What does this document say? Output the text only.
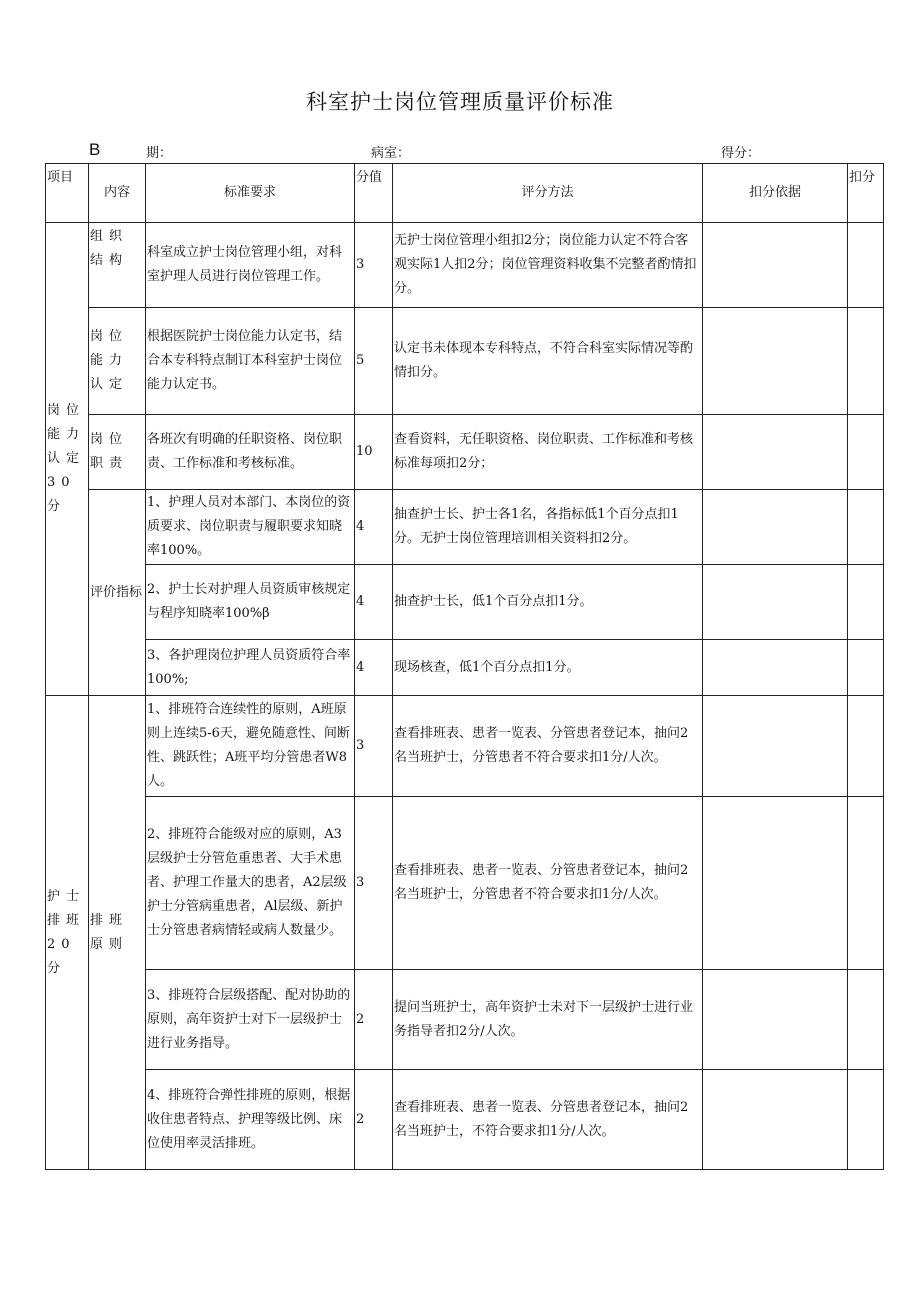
科室护士岗位管理质量评价标准
B	期：	病室：	得分：
项目	内容	标准要求	分值	评分方法	扣分依据	扣分
岗位能力认定30分	组织结构	科室成立护士岗位管理小组，对科室护理人员进行岗位管理工作。	3	无护士岗位管理小组扣2分；岗位能力认定不符合客观实际1人扣2分；岗位管理资料收集不完整者酌情扣分。		
	岗位能力认定	根据医院护士岗位能力认定书，结合本专科特点制订本科室护士岗位能力认定书。	5	认定书未体现本专科特点，不符合科室实际情况等酌情扣分。		
	岗位职责	各班次有明确的任职资格、岗位职责、工作标准和考核标准。	10	查看资料，无任职资格、岗位职责、工作标准和考核标准每项扣2分；		
	评价指标	1、护理人员对本部门、本岗位的资质要求、岗位职责与履职要求知晓率100%。	4	抽查护士长、护士各1名，各指标低1个百分点扣1分。无护士岗位管理培训相关资料扣2分。		
		2、护士长对护理人员资质审核规定与程序知晓率100%β	4	抽查护士长，低1个百分点扣1分。		
		3、各护理岗位护理人员资质符合率100%;	4	现场核查，低1个百分点扣1分。		
护士排班20分	排班原则	1、排班符合连续性的原则，A班原则上连续5-6天，避免随意性、间断性、跳跃性；A班平均分管患者W8人。	3	查看排班表、患者一览表、分管患者登记本，抽问2名当班护士，分管患者不符合要求扣1分/人次。		
		2、排班符合能级对应的原则，A3层级护士分管危重患者、大手术患者、护理工作量大的患者，A2层级护士分管病重患者，Al层级、新护士分管患者病情轻或病人数量少。	3	查看排班表、患者一览表、分管患者登记本，抽问2名当班护士，分管患者不符合要求扣1分/人次。		
		3、排班符合层级搭配、配对协助的原则，高年资护士对下一层级护士进行业务指导。	2	提问当班护士，高年资护士未对下一层级护士进行业务指导者扣2分/人次。		
		4、排班符合弹性排班的原则，根据收住患者特点、护理等级比例、床位使用率灵活排班。	2	查看排班表、患者一览表、分管患者登记本，抽问2名当班护士，不符合要求扣1分/人次。		
